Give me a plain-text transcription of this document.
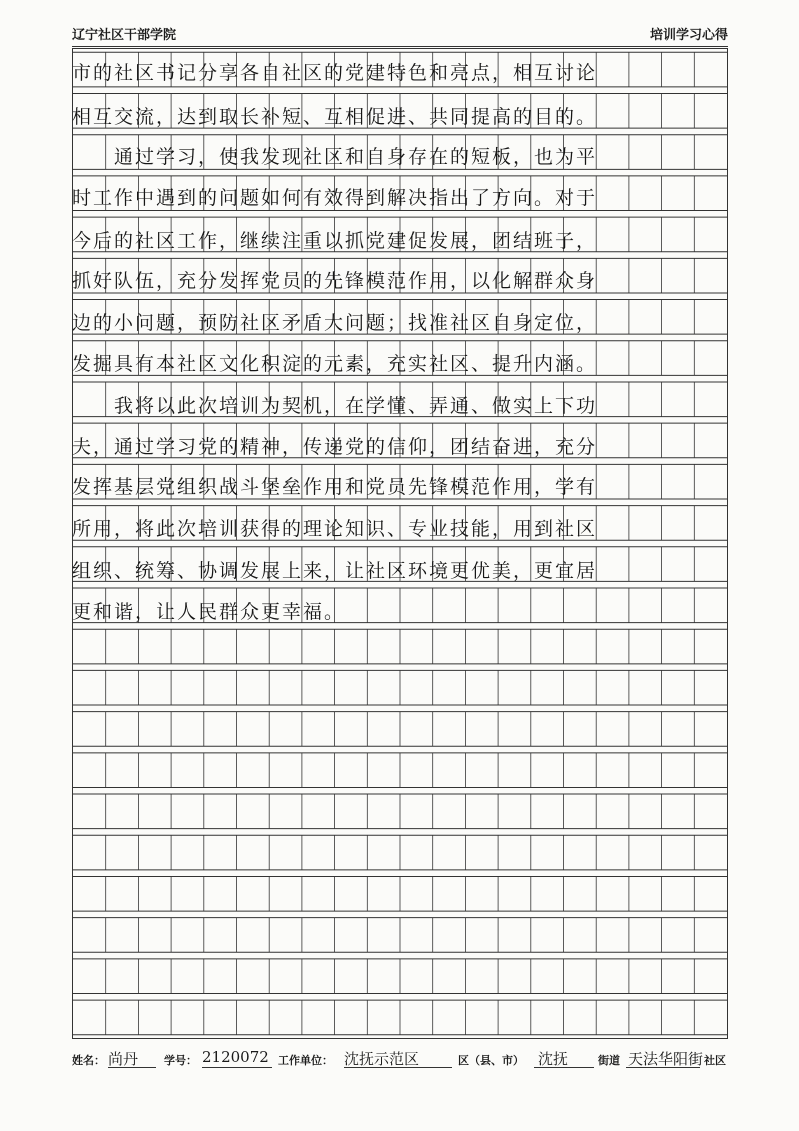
辽宁社区干部学院	培训学习心得
市的社区书记分享各自社区的党建特色和亮点，相互讨论
相互交流，达到取长补短、互相促进、共同提高的目的。
　　通过学习，使我发现社区和自身存在的短板，也为平
时工作中遇到的问题如何有效得到解决指出了方向。对于
今后的社区工作，继续注重以抓党建促发展，团结班子，
抓好队伍，充分发挥党员的先锋模范作用，以化解群众身
边的小问题，预防社区矛盾大问题；找准社区自身定位，
发掘具有本社区文化积淀的元素，充实社区、提升内涵。
　　我将以此次培训为契机，在学懂、弄通、做实上下功
夫，通过学习党的精神，传递党的信仰，团结奋进，充分
发挥基层党组织战斗堡垒作用和党员先锋模范作用，学有
所用，将此次培训获得的理论知识、专业技能，用到社区
组织、统筹、协调发展上来，让社区环境更优美，更宜居
更和谐，让人民群众更幸福。
姓名： 尚丹 学号： 2120072 工作单位： 沈抚示范区	区（县、市） 沈抚	街道 天法华阳街 社区
